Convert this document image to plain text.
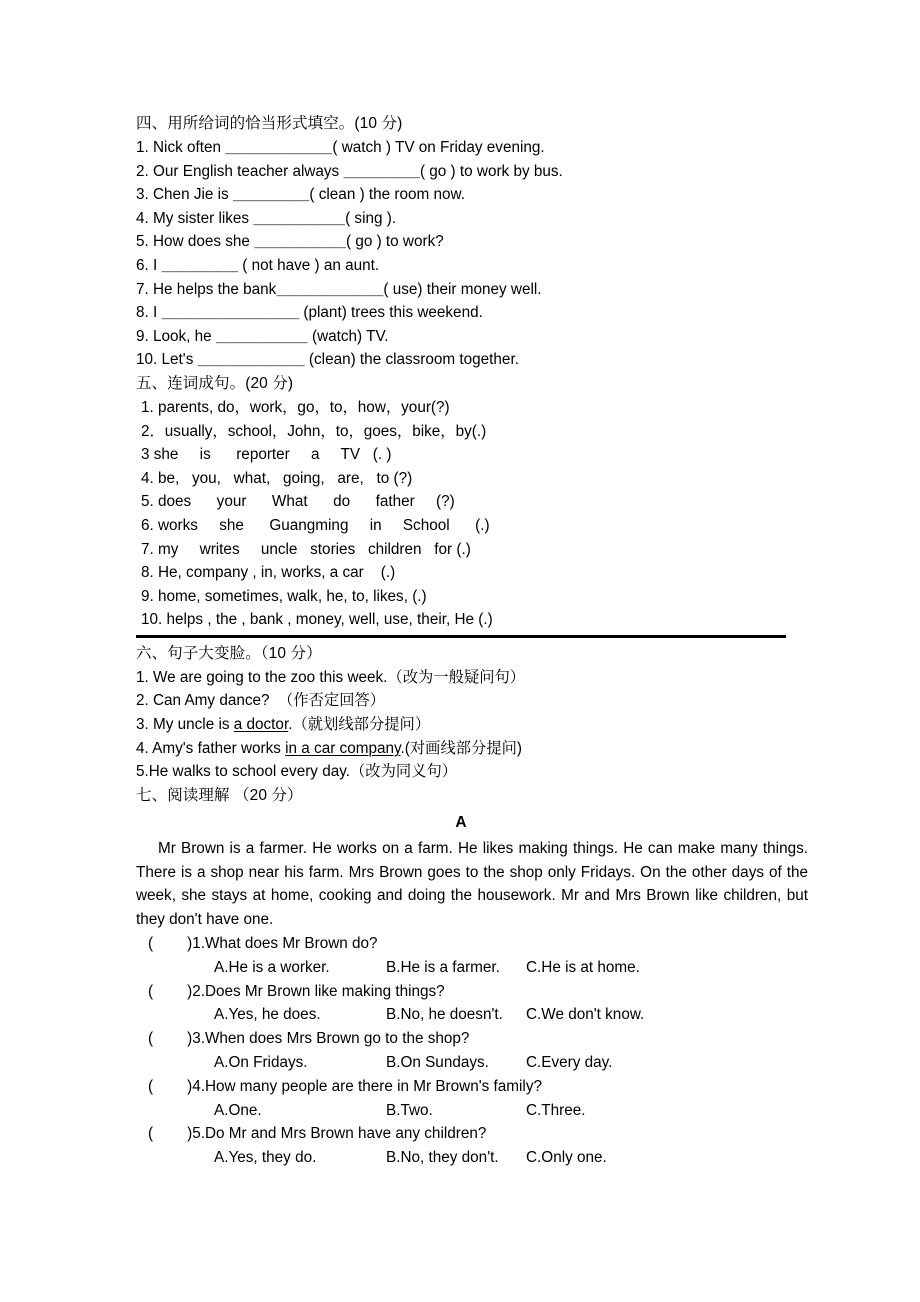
四、用所给词的恰当形式填空。(10 分)
1. Nick often ＿＿＿＿＿＿＿( watch ) TV on Friday evening.
2. Our English teacher always ＿＿＿＿＿( go ) to work by bus.
3. Chen Jie is ＿＿＿＿＿( clean ) the room now.
4. My sister likes ＿＿＿＿＿＿( sing ).
5. How does she ＿＿＿＿＿＿( go ) to work?
6. I ＿＿＿＿＿ ( not have ) an aunt.
7. He helps the bank＿＿＿＿＿＿＿( use) their money well.
8. I ＿＿＿＿＿＿＿＿＿ (plant) trees this weekend.
9. Look, he ＿＿＿＿＿＿ (watch) TV.
10. Let's ＿＿＿＿＿＿＿ (clean) the classroom together.
五、连词成句。(20 分)
1. parents, do，work，go，to，how，your(?)
2．usually，school，John，to，goes，bike，by(.)
3 she     is      reporter     a     TV   (. )
4. be,   you,   what,   going,   are,   to (?)
5. does      your      What      do      father     (?)
6. works     she      Guangming     in     School      (.)
7. my     writes     uncle   stories   children   for (.)
8. He, company , in, works, a car    (.)
9. home, sometimes, walk, he, to, likes, (.)
10. helps , the , bank , money, well, use, their, He (.)
六、句子大变脸。（10 分）
1. We are going to the zoo this week.（改为一般疑问句）
2. Can Amy dance?  （作否定回答）
3. My uncle is a doctor.（就划线部分提问）
4. Amy's father works in a car company.(对画线部分提问)
5.He walks to school every day.（改为同义句）
七、阅读理解 （20 分）
A
Mr Brown is a farmer. He works on a farm. He likes making things. He can make many things. There is a shop near his farm. Mrs Brown goes to the shop only Fridays. On the other days of the week, she stays at home, cooking and doing the housework. Mr and Mrs Brown like children, but they don't have one.
(        )1.What does Mr Brown do?
A.He is a worker.	B.He is a farmer. C.He is at home.
(        )2.Does Mr Brown like making things?
A.Yes, he does.	B.No, he doesn't. C.We don't know.
(        )3.When does Mrs Brown go to the shop?
A.On Fridays.	B.On Sundays. C.Every day.
(        )4.How many people are there in Mr Brown's family?
A.One.	B.Two.	C.Three.
(        )5.Do Mr and Mrs Brown have any children?
A.Yes, they do.	B.No, they don't. C.Only one.
